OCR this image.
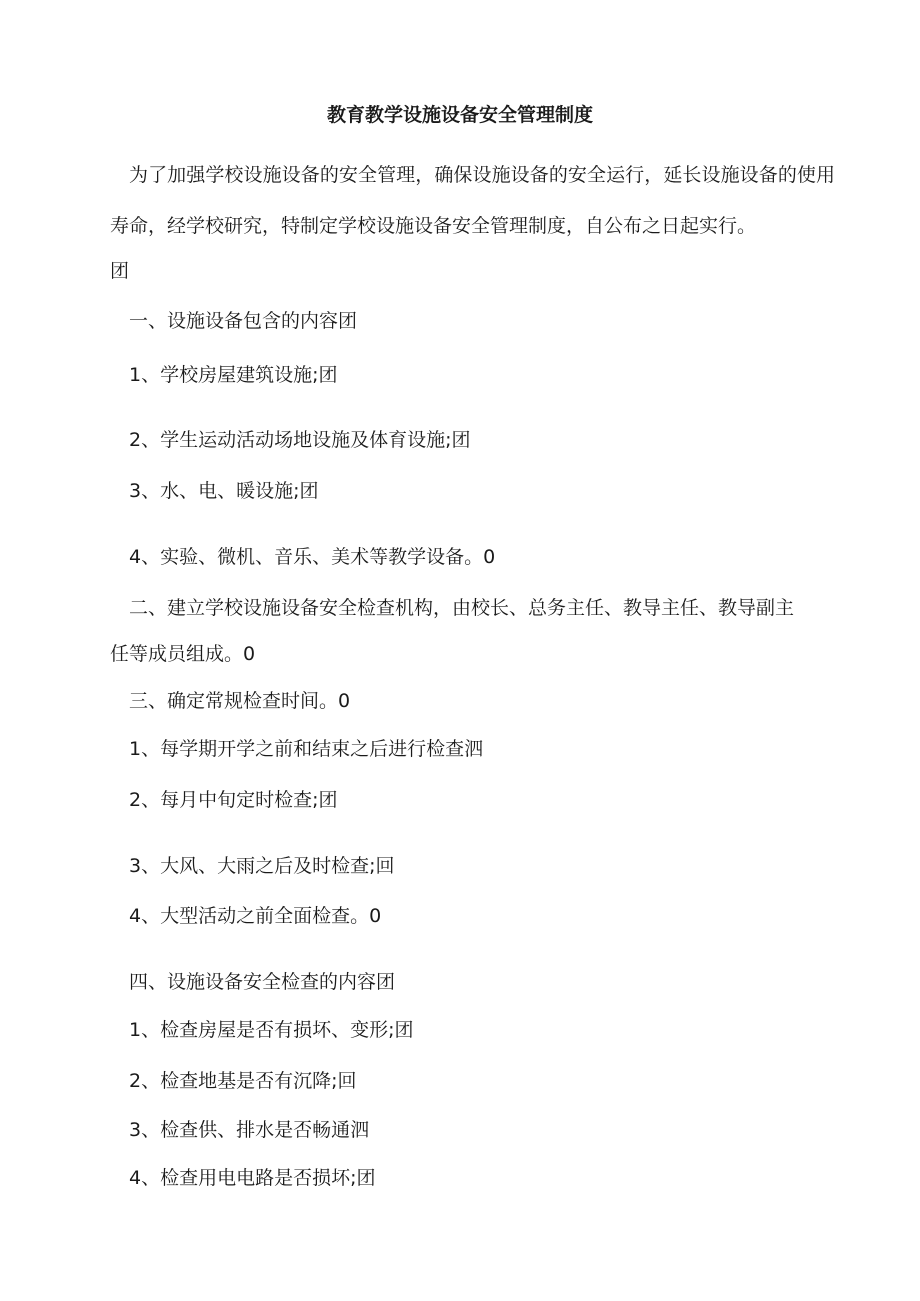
教育教学设施设备安全管理制度
为了加强学校设施设备的安全管理，确保设施设备的安全运行，延长设施设备的使用寿命，经学校研究，特制定学校设施设备安全管理制度，自公布之日起实行。
团
一、设施设备包含的内容团
1、学校房屋建筑设施;团
2、学生运动活动场地设施及体育设施;团
3、水、电、暖设施;团
4、实验、微机、音乐、美术等教学设备。0
二、建立学校设施设备安全检查机构，由校长、总务主任、教导主任、教导副主
任等成员组成。0
三、确定常规检查时间。0
1、每学期开学之前和结束之后进行检查泗
2、每月中旬定时检查;团
3、大风、大雨之后及时检查;回
4、大型活动之前全面检查。0
四、设施设备安全检查的内容团
1、检查房屋是否有损坏、变形;团
2、检查地基是否有沉降;回
3、检查供、排水是否畅通泗
4、检查用电电路是否损坏;团
